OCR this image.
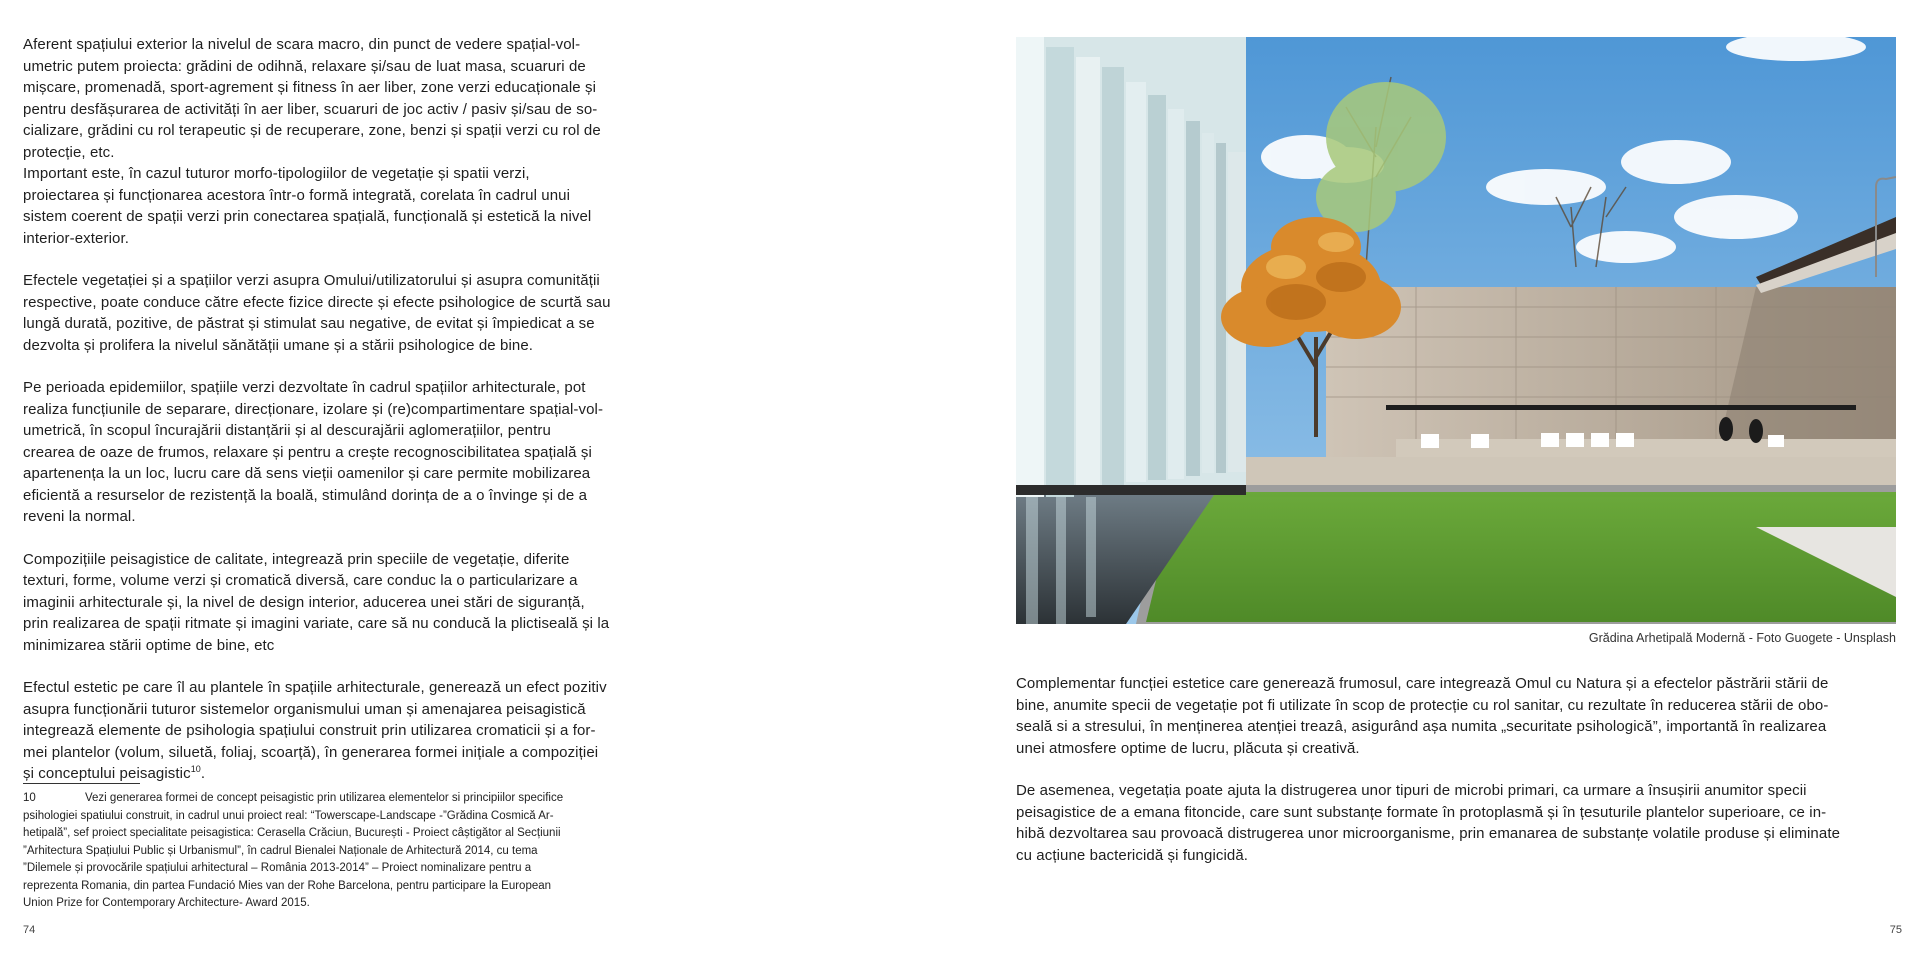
Aferent spațiului exterior la nivelul de scara macro, din punct de vedere spațial-vol-
umetric putem proiecta: grădini de odihnă, relaxare și/sau de luat masa, scuaruri de
mișcare, promenadă, sport-agrement și fitness în aer liber, zone verzi educaționale și
pentru desfășurarea de activități în aer liber, scuaruri de joc activ / pasiv și/sau de so-
cializare, grădini cu rol terapeutic și de recuperare, zone, benzi și spații verzi cu rol de
protecție, etc.
Important este, în cazul tuturor morfo-tipologiilor de vegetație și spatii verzi,
proiectarea și funcționarea acestora într-o formă integrată, corelata în cadrul unui
sistem coerent de spații verzi prin conectarea spațială, funcțională și estetică la nivel
interior-exterior.

Efectele vegetației și a spațiilor verzi asupra Omului/utilizatorului și asupra comunității
respective, poate conduce către efecte fizice directe și efecte psihologice de scurtă sau
lungă durată, pozitive, de păstrat și stimulat sau negative, de evitat și împiedicat a se
dezvolta și prolifera la nivelul sănătății umane și a stării psihologice de bine.

Pe perioada epidemiilor, spațiile verzi dezvoltate în cadrul spațiilor arhitecturale, pot
realiza funcțiunile de separare, direcționare, izolare și (re)compartimentare spațial-vol-
umetrică, în scopul încurajării distanțării și al descurajării aglomerațiilor, pentru
crearea de oaze de frumos, relaxare și pentru a crește recognoscibilitatea spațială și
apartenența la un loc, lucru care dă sens vieții oamenilor și care permite mobilizarea
eficientă a resurselor de rezistență la boală, stimulând dorința de a o învinge și de a
reveni la normal.

Compozițiile peisagistice de calitate, integrează prin speciile de vegetație, diferite
texturi, forme, volume verzi și cromatică diversă, care conduc la o particularizare a
imaginii arhitecturale și, la nivel de design interior, aducerea unei stări de siguranță,
prin realizarea de spații ritmate și imagini variate, care să nu conducă la plictiseală și la
minimizarea stării optime de bine, etc

Efectul estetic pe care îl au plantele în spațiile arhitecturale, generează un efect pozitiv
asupra funcționării tuturor sistemelor organismului uman și amenajarea peisagistică
integrează elemente de psihologia spațiului construit prin utilizarea cromaticii și a for-
mei plantelor (volum, siluetă, foliaj, scoarță), în generarea formei inițiale a compoziției
și conceptului peisagistic$^{10}$.

10	Vezi generarea formei de concept peisagistic prin utilizarea elementelor si principiilor specifice
psihologiei spatiului construit, in cadrul unui proiect real: “Towerscape-Landscape -”Grădina Cosmică Ar-
hetipală”, sef proiect specialitate peisagistica: Cerasella Crăciun, București - Proiect câștigător al Secțiunii
”Arhitectura Spațiului Public și Urbanismul”, în cadrul Bienalei Naționale de Arhitectură 2014, cu tema
”Dilemele și provocările spațiului arhitectural – România 2013-2014” – Proiect nominalizare pentru a
reprezenta Romania, din partea Fundació Mies van der Rohe Barcelona, pentru participare la European
Union Prize for Contemporary Architecture- Award 2015.
74
Grădina Arhetipală Modernă - Foto Guogete - Unsplash

Complementar funcției estetice care generează frumosul, care integrează Omul cu Natura și a efectelor păstrării stării de
bine, anumite specii de vegetație pot fi utilizate în scop de protecție cu rol sanitar, cu rezultate în reducerea stării de obo-
seală si a stresului, în menținerea atenției treazâ, asigurând așa numita „securitate psihologică”, importantă în realizarea
unei atmosfere optime de lucru, plăcuta și creativă.

De asemenea, vegetația poate ajuta la distrugerea unor tipuri de microbi primari, ca urmare a însușirii anumitor specii
peisagistice de a emana fitoncide, care sunt substanțe formate în protoplasmă și în țesuturile plantelor superioare, ce in-
hibă dezvoltarea sau provoacă distrugerea unor microorganisme, prin emanarea de substanțe volatile produse și eliminate
cu acțiune bactericidă și fungicidă.

75
